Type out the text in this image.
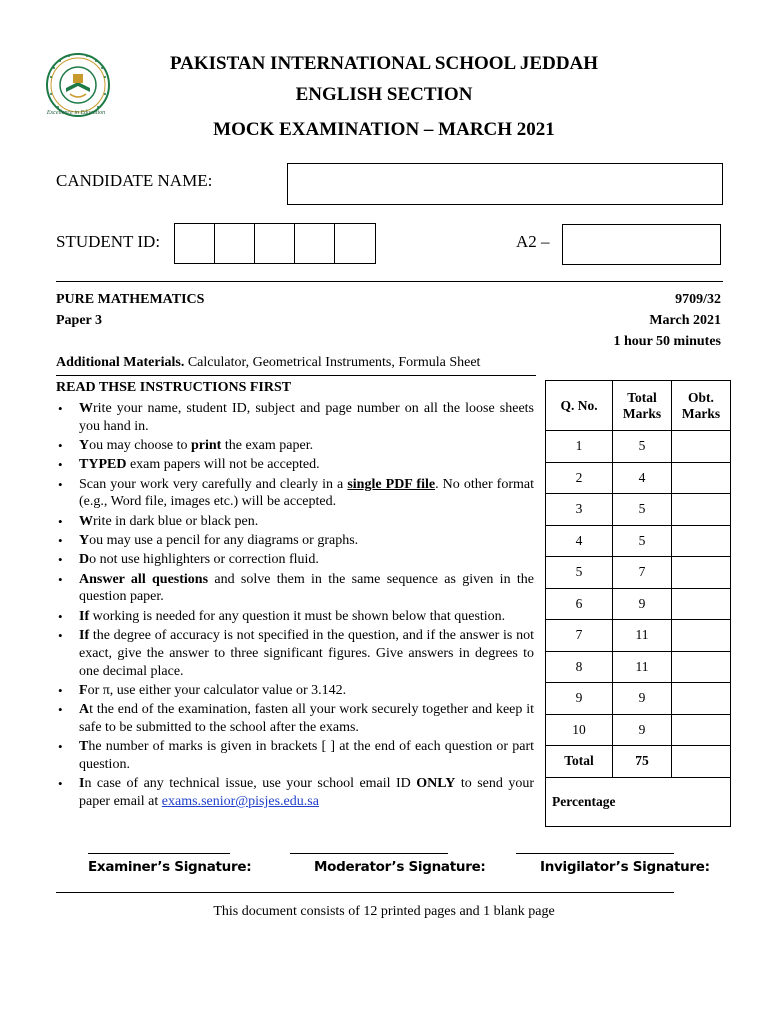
Excellence in Education
PAKISTAN INTERNATIONAL SCHOOL JEDDAH
ENGLISH SECTION
MOCK EXAMINATION – MARCH 2021
CANDIDATE NAME:
STUDENT ID:	A2 –
PURE MATHEMATICS
Paper 3
9709/32
March 2021
1 hour 50 minutes
Additional Materials. Calculator, Geometrical Instruments, Formula Sheet
READ THSE INSTRUCTIONS FIRST
• Write your name, student ID, subject and page number on all the loose sheets you hand in.
• You may choose to print the exam paper.
• TYPED exam papers will not be accepted.
• Scan your work very carefully and clearly in a single PDF file. No other format (e.g., Word file, images etc.) will be accepted.
• Write in dark blue or black pen.
• You may use a pencil for any diagrams or graphs.
• Do not use highlighters or correction fluid.
• Answer all questions and solve them in the same sequence as given in the question paper.
• If working is needed for any question it must be shown below that question.
• If the degree of accuracy is not specified in the question, and if the answer is not exact, give the answer to three significant figures. Give answers in degrees to one decimal place.
• For π, use either your calculator value or 3.142.
• At the end of the examination, fasten all your work securely together and keep it safe to be submitted to the school after the exams.
• The number of marks is given in brackets [ ] at the end of each question or part question.
• In case of any technical issue, use your school email ID ONLY to send your paper email at exams.senior@pisjes.edu.sa
Q. No.	Total Marks	Obt. Marks
1	5	
2	4	
3	5	
4	5	
5	7	
6	9	
7	11	
8	11	
9	9	
10	9	
Total	75	
Percentage		
Examiner’s Signature:	Moderator’s Signature:	Invigilator’s Signature:
This document consists of 12 printed pages and 1 blank page
